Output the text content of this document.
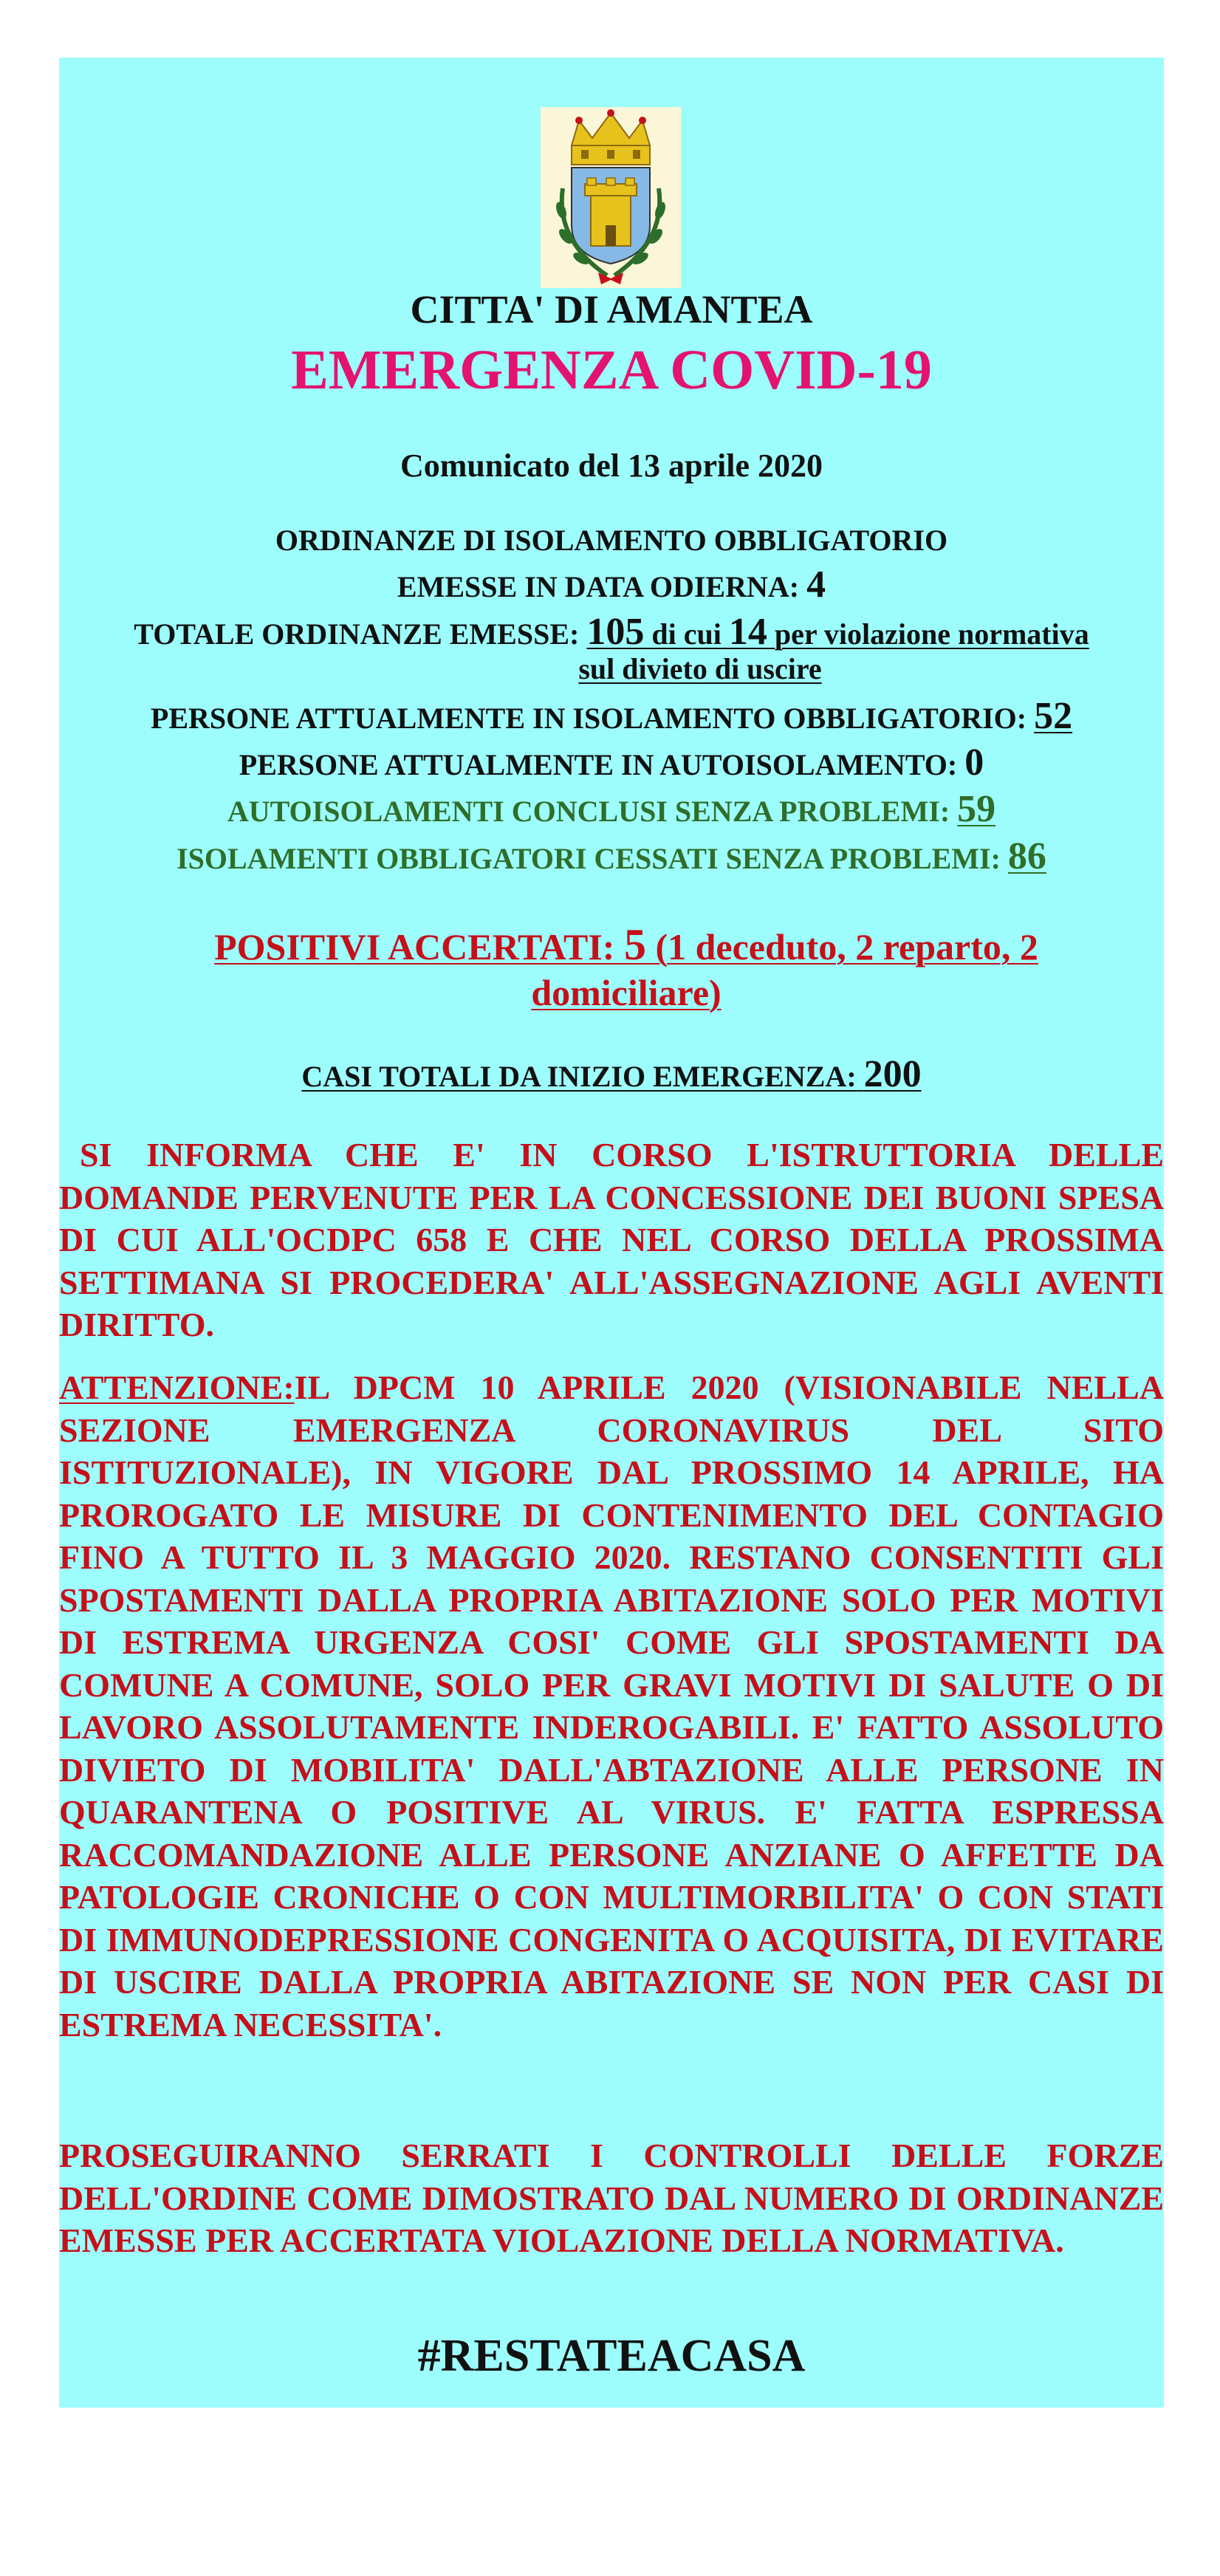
CITTA' DI AMANTEA
EMERGENZA COVID-19
Comunicato del 13 aprile 2020
ORDINANZE DI ISOLAMENTO OBBLIGATORIO
EMESSE IN DATA ODIERNA: 4
TOTALE ORDINANZE EMESSE: 105 di cui 14 per violazione normativa
sul divieto di uscire
PERSONE ATTUALMENTE IN ISOLAMENTO OBBLIGATORIO: 52
PERSONE ATTUALMENTE IN AUTOISOLAMENTO: 0
AUTOISOLAMENTI CONCLUSI SENZA PROBLEMI: 59
ISOLAMENTI OBBLIGATORI CESSATI SENZA PROBLEMI: 86
POSITIVI ACCERTATI: 5 (1 deceduto, 2 reparto, 2
domiciliare)
CASI TOTALI DA INIZIO EMERGENZA: 200
SI INFORMA CHE E' IN CORSO L'ISTRUTTORIA DELLE DOMANDE PERVENUTE PER LA CONCESSIONE DEI BUONI SPESA DI CUI ALL'OCDPC 658 E CHE NEL CORSO DELLA PROSSIMA SETTIMANA SI PROCEDERA' ALL'ASSEGNAZIONE AGLI AVENTI DIRITTO.
ATTENZIONE:IL DPCM 10 APRILE 2020 (VISIONABILE NELLA SEZIONE EMERGENZA CORONAVIRUS DEL SITO ISTITUZIONALE), IN VIGORE DAL PROSSIMO 14 APRILE, HA PROROGATO LE MISURE DI CONTENIMENTO DEL CONTAGIO FINO A TUTTO IL 3 MAGGIO 2020. RESTANO CONSENTITI GLI SPOSTAMENTI DALLA PROPRIA ABITAZIONE SOLO PER MOTIVI DI ESTREMA URGENZA COSI' COME GLI SPOSTAMENTI DA COMUNE A COMUNE, SOLO PER GRAVI MOTIVI DI SALUTE O DI LAVORO ASSOLUTAMENTE INDEROGABILI. E' FATTO ASSOLUTO DIVIETO DI MOBILITA' DALL'ABTAZIONE ALLE PERSONE IN QUARANTENA O POSITIVE AL VIRUS. E' FATTA ESPRESSA RACCOMANDAZIONE ALLE PERSONE ANZIANE O AFFETTE DA PATOLOGIE CRONICHE O CON MULTIMORBILITA' O CON STATI DI IMMUNODEPRESSIONE CONGENITA O ACQUISITA, DI EVITARE DI USCIRE DALLA PROPRIA ABITAZIONE SE NON PER CASI DI ESTREMA NECESSITA'.
PROSEGUIRANNO SERRATI I CONTROLLI DELLE FORZE DELL'ORDINE COME DIMOSTRATO DAL NUMERO DI ORDINANZE EMESSE PER ACCERTATA VIOLAZIONE DELLA NORMATIVA.
#RESTATEACASA
